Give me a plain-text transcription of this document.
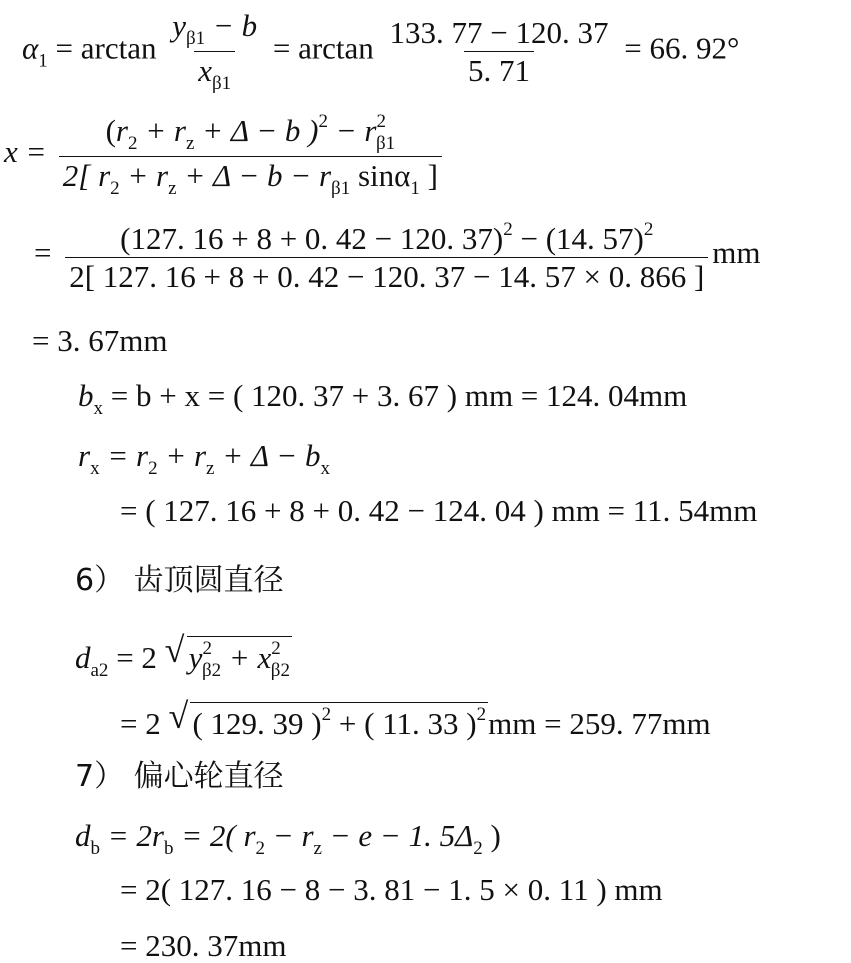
$\alpha_1 = \arctan \frac{y_{\beta 1} - b}{x_{\beta 1}} = \arctan \frac{133. 77 - 120. 37}{5. 71} = 66$. 92°
$x = \frac{(r_2 + r_z + \Delta - b )^2 - r^2_{\beta 1}}{2[ r_2 + r_z + \Delta - b - r_{\beta 1} \sin\alpha_1 ]}$
= $\frac{(127. 16 + 8 + 0. 42 - 120. 37)^2 - (14. 57)^2}{2[ 127. 16 + 8 + 0. 42 - 120. 37 - 14. 57 \times 0. 866 ]}$ mm
= 3. 67mm
$b_x = b + x$ = ( 120. 37 + 3. 67 ) mm = 124. 04mm
$r_x = r_2 + r_z + \Delta - b_x$
= ( 127. 16 + 8 + 0. 42 − 124. 04 ) mm = 11. 54mm
6） 齿顶圆直径
$d_{a2} = 2$ √ $y^2_{\beta 2} + x^2_{\beta 2}$
= 2 √ ( 129. 39 )$^2$ + ( 11. 33 )$^2$mm = 259. 77mm
7） 偏心轮直径
$d_b = 2r_b = 2$( $r_2 - r_z - e - 1$. $5\Delta_2$ )
= 2( 127. 16 − 8 − 3. 81 − 1. 5 × 0. 11 ) mm
= 230. 37mm
